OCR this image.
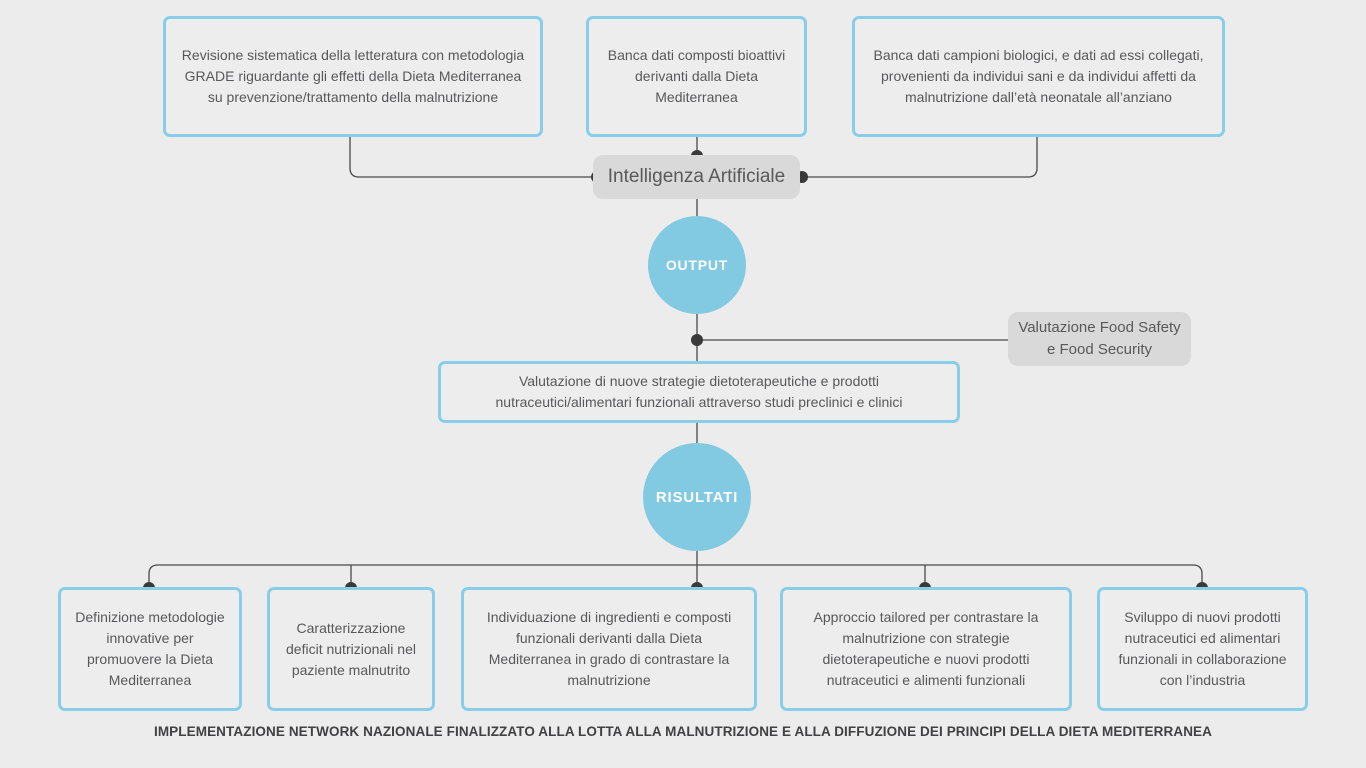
Revisione sistematica della letteratura con metodologia GRADE riguardante gli effetti della Dieta Mediterranea su prevenzione/trattamento della malnutrizione
Banca dati composti bioattivi derivanti dalla Dieta Mediterranea
Banca dati campioni biologici, e dati ad essi collegati, provenienti da individui sani e da individui affetti da malnutrizione dall’età neonatale all’anziano
Intelligenza Artificiale
OUTPUT
Valutazione Food Safety e Food Security
Valutazione di nuove strategie dietoterapeutiche e prodotti nutraceutici/alimentari funzionali attraverso studi preclinici e clinici
RISULTATI
Definizione metodologie innovative per promuovere la Dieta Mediterranea
Caratterizzazione deficit nutrizionali nel paziente malnutrito
Individuazione di ingredienti e composti funzionali derivanti dalla Dieta Mediterranea in grado di contrastare la malnutrizione
Approccio tailored per contrastare la malnutrizione con strategie dietoterapeutiche e nuovi prodotti nutraceutici e alimenti funzionali
Sviluppo di nuovi prodotti nutraceutici ed alimentari funzionali in collaborazione con l’industria
IMPLEMENTAZIONE NETWORK NAZIONALE FINALIZZATO ALLA LOTTA ALLA MALNUTRIZIONE E ALLA DIFFUZIONE DEI PRINCIPI DELLA DIETA MEDITERRANEA
